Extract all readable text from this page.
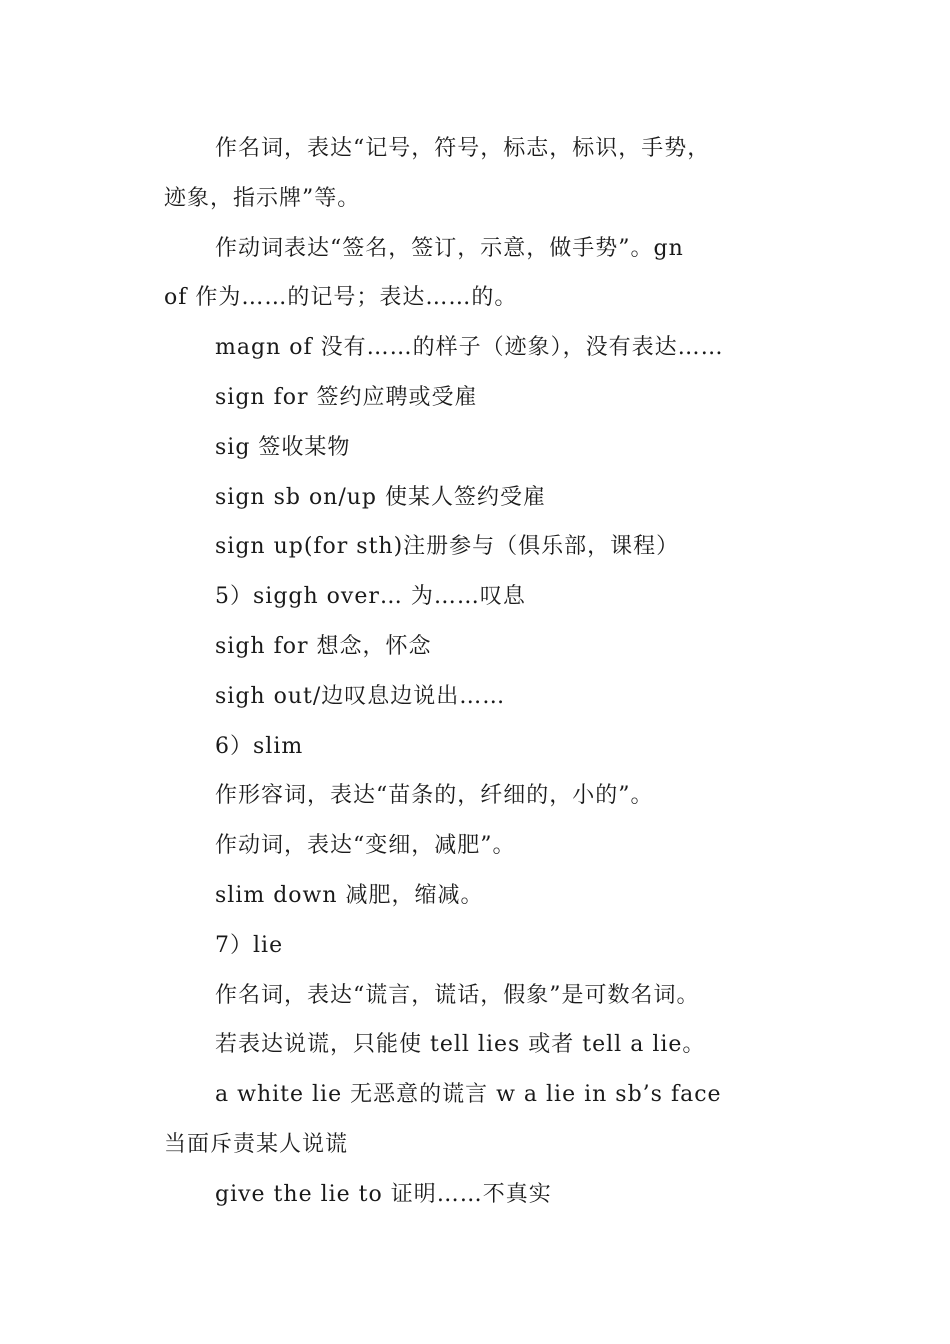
作名词，表达“记号，符号，标志，标识，手势，
迹象，指示牌”等。
作动词表达“签名，签订，示意，做手势”。gn
of 作为……的记号；表达……的。
magn of 没有……的样子（迹象），没有表达……
sign for 签约应聘或受雇
sig 签收某物
sign sb on/up 使某人签约受雇
sign up(for sth)注册参与（俱乐部，课程）
5）siggh over… 为……叹息
sigh for 想念，怀念
sigh out/边叹息边说出……
6）slim
作形容词，表达“苗条的，纤细的，小的”。
作动词，表达“变细，减肥”。
slim down 减肥，缩减。
7）lie
作名词，表达“谎言，谎话，假象”是可数名词。
若表达说谎，只能使 tell lies 或者 tell a lie。
a white lie 无恶意的谎言 w a lie in sb’s face
当面斥责某人说谎
give the lie to 证明……不真实
